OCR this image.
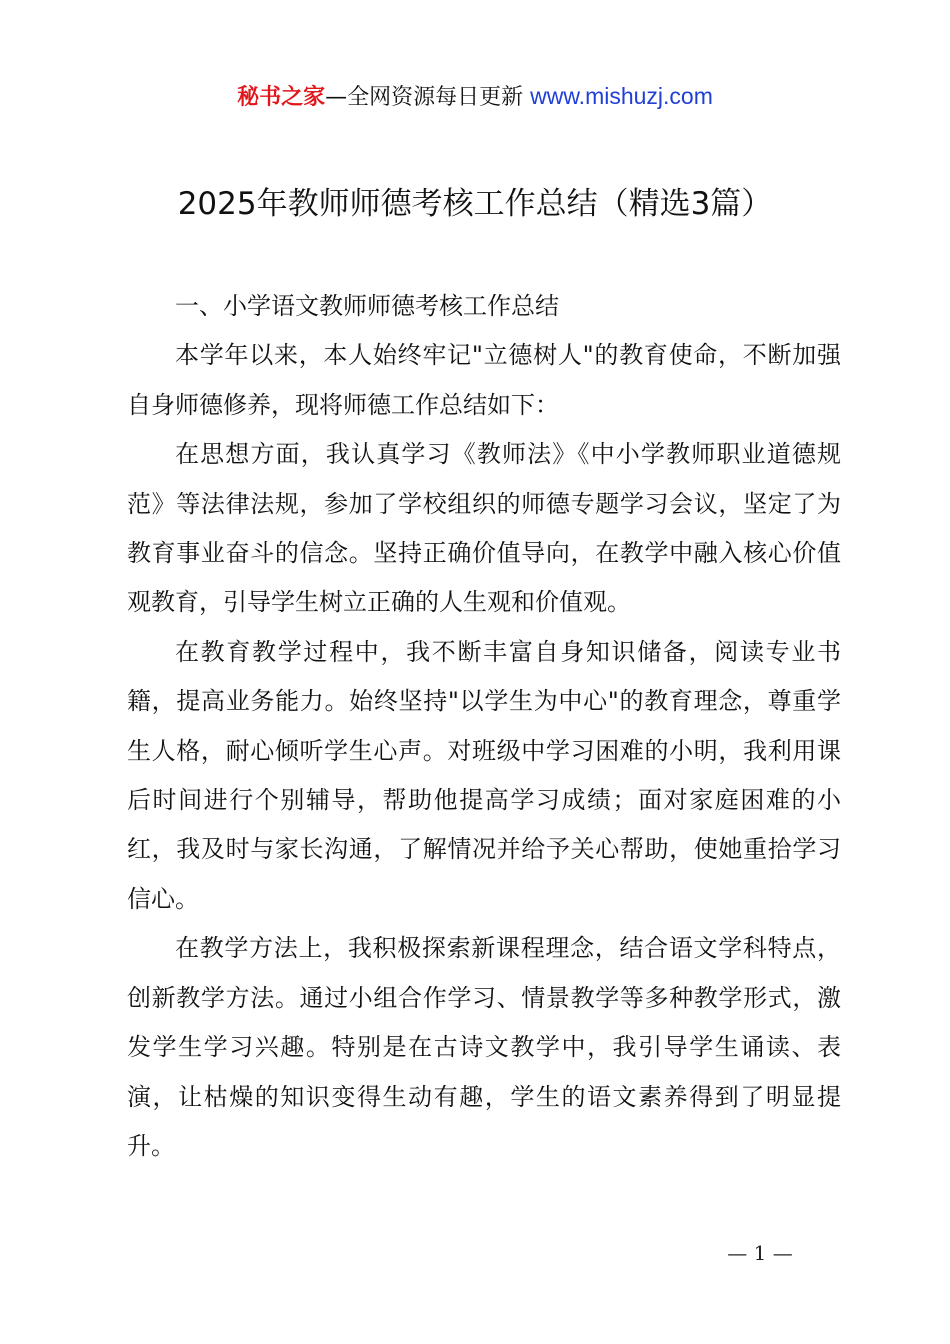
秘书之家—全网资源每日更新 www.mishuzj.com
2025年教师师德考核工作总结（精选3篇）

一、小学语文教师师德考核工作总结

本学年以来，本人始终牢记"立德树人"的教育使命，不断加强自身师德修养，现将师德工作总结如下：

在思想方面，我认真学习《教师法》《中小学教师职业道德规范》等法律法规，参加了学校组织的师德专题学习会议，坚定了为教育事业奋斗的信念。坚持正确价值导向，在教学中融入核心价值观教育，引导学生树立正确的人生观和价值观。

在教育教学过程中，我不断丰富自身知识储备，阅读专业书籍，提高业务能力。始终坚持"以学生为中心"的教育理念，尊重学生人格，耐心倾听学生心声。对班级中学习困难的小明，我利用课后时间进行个别辅导，帮助他提高学习成绩；面对家庭困难的小红，我及时与家长沟通，了解情况并给予关心帮助，使她重拾学习信心。

在教学方法上，我积极探索新课程理念，结合语文学科特点，创新教学方法。通过小组合作学习、情景教学等多种教学形式，激发学生学习兴趣。特别是在古诗文教学中，我引导学生诵读、表演，让枯燥的知识变得生动有趣，学生的语文素养得到了明显提升。

— 1 —
